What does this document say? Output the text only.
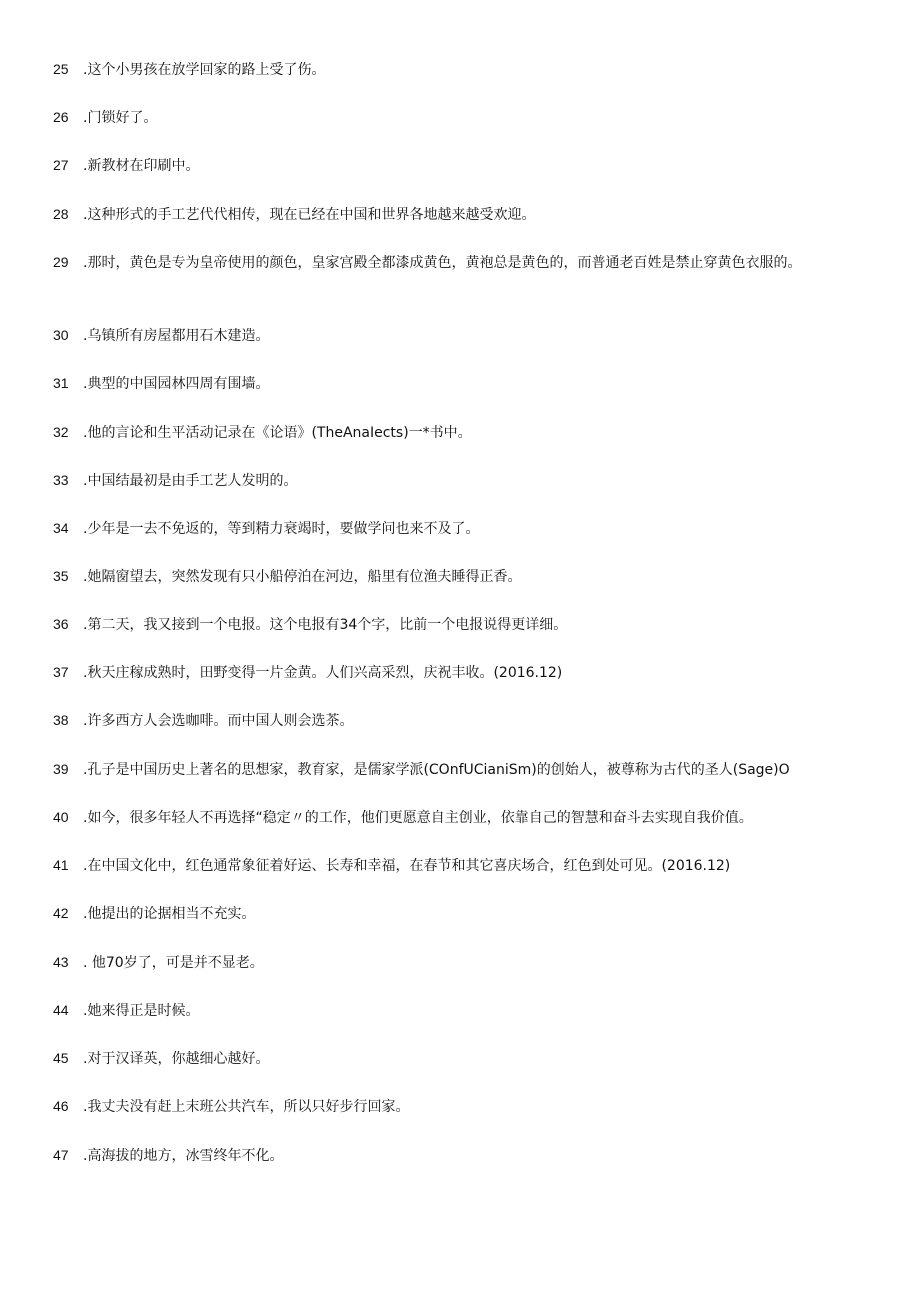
25 .这个小男孩在放学回家的路上受了伤。
26 .门锁好了。
27 .新教材在印刷中。
28 .这种形式的手工艺代代相传，现在已经在中国和世界各地越来越受欢迎。
29 .那时，黄色是专为皇帝使用的颜色，皇家宫殿全都漆成黄色，黄袍总是黄色的，而普通老百姓是禁止穿黄色衣服的。
30 .乌镇所有房屋都用石木建造。
31 .典型的中国园林四周有围墙。
32 .他的言论和生平活动记录在《论语》(TheAnaIects)一*书中。
33 .中国结最初是由手工艺人发明的。
34 .少年是一去不免返的，等到精力衰竭时，要做学问也来不及了。
35 .她隔窗望去，突然发现有只小船停泊在河边，船里有位渔夫睡得正香。
36 .第二天，我又接到一个电报。这个电报有34个字，比前一个电报说得更详细。
37 .秋天庄稼成熟时，田野变得一片金黄。人们兴高采烈，庆祝丰收。(2016.12)
38 .许多西方人会选咖啡。而中国人则会选茶。
39 .孔子是中国历史上著名的思想家，教育家，是儒家学派(COnfUCianiSm)的创始人，被尊称为古代的圣人(Sage)O
40 .如今，很多年轻人不再选择“稳定〃的工作，他们更愿意自主创业，依靠自己的智慧和奋斗去实现自我价值。
41 .在中国文化中，红色通常象征着好运、长寿和幸福，在春节和其它喜庆场合，红色到处可见。(2016.12)
42 .他提出的论据相当不充实。
43 . 他70岁了，可是并不显老。
44 .她来得正是时候。
45 .对于汉译英，你越细心越好。
46 .我丈夫没有赶上末班公共汽车，所以只好步行回家。
47 .高海拔的地方，冰雪终年不化。
